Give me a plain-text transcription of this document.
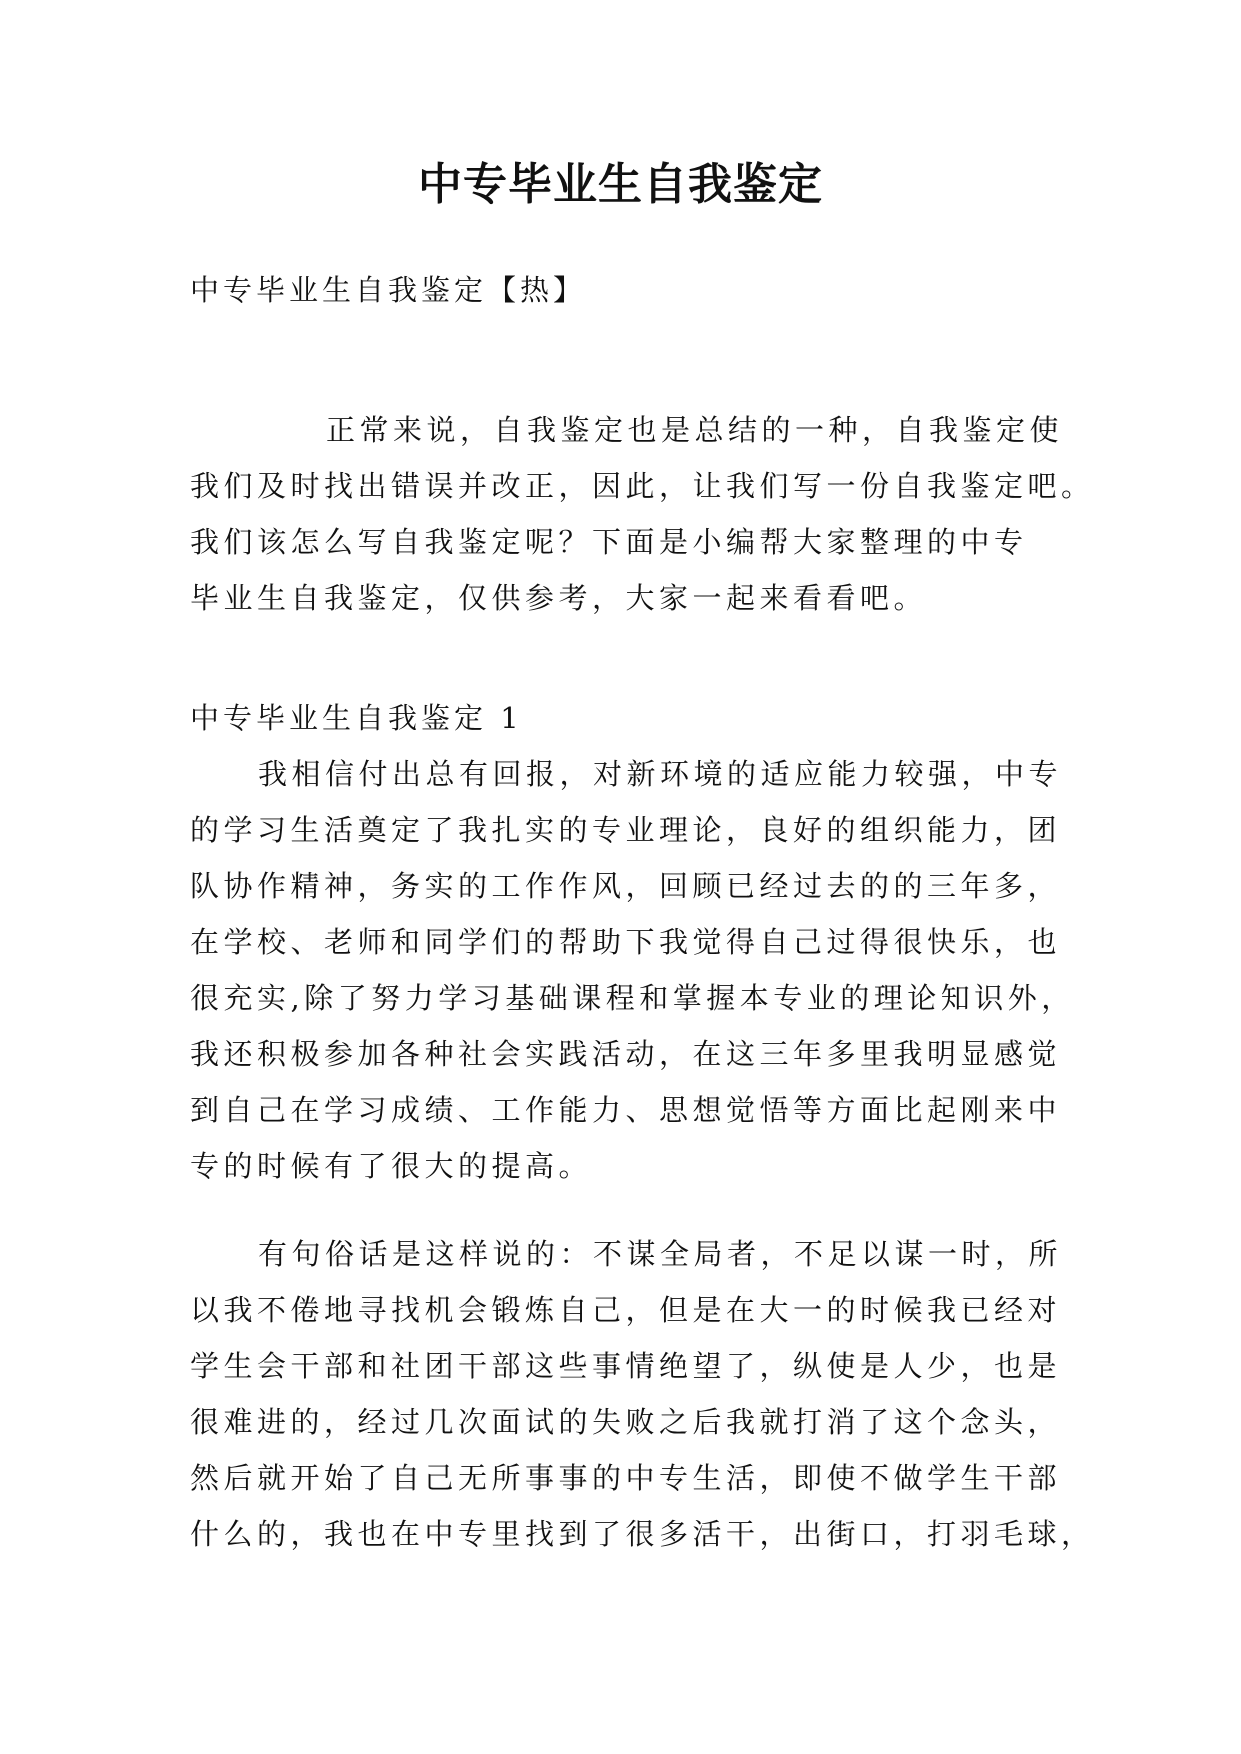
中专毕业生自我鉴定
中专毕业生自我鉴定【热】
正常来说，自我鉴定也是总结的一种，自我鉴定使
我们及时找出错误并改正，因此，让我们写一份自我鉴定吧。
我们该怎么写自我鉴定呢？下面是小编帮大家整理的中专
毕业生自我鉴定，仅供参考，大家一起来看看吧。
中专毕业生自我鉴定 1
我相信付出总有回报，对新环境的适应能力较强，中专
的学习生活奠定了我扎实的专业理论，良好的组织能力，团
队协作精神，务实的工作作风，回顾已经过去的的三年多，
在学校、老师和同学们的帮助下我觉得自己过得很快乐，也
很充实,除了努力学习基础课程和掌握本专业的理论知识外，
我还积极参加各种社会实践活动，在这三年多里我明显感觉
到自己在学习成绩、工作能力、思想觉悟等方面比起刚来中
专的时候有了很大的提高。
有句俗话是这样说的：不谋全局者，不足以谋一时，所
以我不倦地寻找机会锻炼自己，但是在大一的时候我已经对
学生会干部和社团干部这些事情绝望了，纵使是人少，也是
很难进的，经过几次面试的失败之后我就打消了这个念头，
然后就开始了自己无所事事的中专生活，即使不做学生干部
什么的，我也在中专里找到了很多活干，出街口，打羽毛球，
